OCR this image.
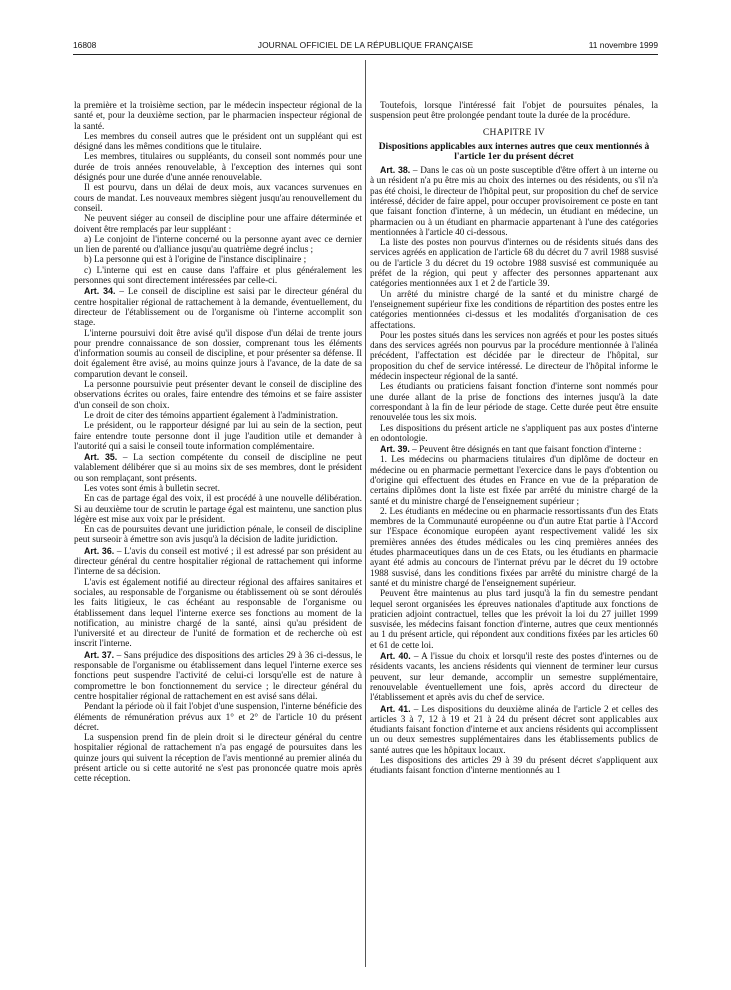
16808	JOURNAL OFFICIEL DE LA RÉPUBLIQUE FRANÇAISE	11 novembre 1999

la première et la troisième section, par le médecin inspecteur régional de la santé et, pour la deuxième section, par le pharmacien inspecteur régional de la santé.

Les membres du conseil autres que le président ont un suppléant qui est désigné dans les mêmes conditions que le titulaire.

Les membres, titulaires ou suppléants, du conseil sont nommés pour une durée de trois années renouvelable, à l'exception des internes qui sont désignés pour une durée d'une année renouvelable.

Il est pourvu, dans un délai de deux mois, aux vacances survenues en cours de mandat. Les nouveaux membres siègent jusqu'au renouvellement du conseil.

Ne peuvent siéger au conseil de discipline pour une affaire déterminée et doivent être remplacés par leur suppléant :

a) Le conjoint de l'interne concerné ou la personne ayant avec ce dernier un lien de parenté ou d'alliance jusqu'au quatrième degré inclus ;

b) La personne qui est à l'origine de l'instance disciplinaire ;

c) L'interne qui est en cause dans l'affaire et plus généralement les personnes qui sont directement intéressées par celle-ci.

Art. 34. – Le conseil de discipline est saisi par le directeur général du centre hospitalier régional de rattachement à la demande, éventuellement, du directeur de l'établissement ou de l'organisme où l'interne accomplit son stage.

L'interne poursuivi doit être avisé qu'il dispose d'un délai de trente jours pour prendre connaissance de son dossier, comprenant tous les éléments d'information soumis au conseil de discipline, et pour présenter sa défense. Il doit également être avisé, au moins quinze jours à l'avance, de la date de sa comparution devant le conseil.

La personne poursuivie peut présenter devant le conseil de discipline des observations écrites ou orales, faire entendre des témoins et se faire assister d'un conseil de son choix.

Le droit de citer des témoins appartient également à l'administration.

Le président, ou le rapporteur désigné par lui au sein de la section, peut faire entendre toute personne dont il juge l'audition utile et demander à l'autorité qui a saisi le conseil toute information complémentaire.

Art. 35. – La section compétente du conseil de discipline ne peut valablement délibérer que si au moins six de ses membres, dont le président ou son remplaçant, sont présents.

Les votes sont émis à bulletin secret.

En cas de partage égal des voix, il est procédé à une nouvelle délibération. Si au deuxième tour de scrutin le partage égal est maintenu, une sanction plus légère est mise aux voix par le président.

En cas de poursuites devant une juridiction pénale, le conseil de discipline peut surseoir à émettre son avis jusqu'à la décision de ladite juridiction.

Art. 36. – L'avis du conseil est motivé ; il est adressé par son président au directeur général du centre hospitalier régional de rattachement qui informe l'interne de sa décision.

L'avis est également notifié au directeur régional des affaires sanitaires et sociales, au responsable de l'organisme ou établissement où se sont déroulés les faits litigieux, le cas échéant au responsable de l'organisme ou établissement dans lequel l'interne exerce ses fonctions au moment de la notification, au ministre chargé de la santé, ainsi qu'au président de l'université et au directeur de l'unité de formation et de recherche où est inscrit l'interne.

Art. 37. – Sans préjudice des dispositions des articles 29 à 36 ci-dessus, le responsable de l'organisme ou établissement dans lequel l'interne exerce ses fonctions peut suspendre l'activité de celui-ci lorsqu'elle est de nature à compromettre le bon fonctionnement du service ; le directeur général du centre hospitalier régional de rattachement en est avisé sans délai.

Pendant la période où il fait l'objet d'une suspension, l'interne bénéficie des éléments de rémunération prévus aux 1° et 2° de l'article 10 du présent décret.

La suspension prend fin de plein droit si le directeur général du centre hospitalier régional de rattachement n'a pas engagé de poursuites dans les quinze jours qui suivent la réception de l'avis mentionné au premier alinéa du présent article ou si cette autorité ne s'est pas prononcée quatre mois après cette réception.

Toutefois, lorsque l'intéressé fait l'objet de poursuites pénales, la suspension peut être prolongée pendant toute la durée de la procédure.

CHAPITRE IV
Dispositions applicables aux internes autres que ceux mentionnés à l'article 1er du présent décret

Art. 38. – Dans le cas où un poste susceptible d'être offert à un interne ou à un résident n'a pu être mis au choix des internes ou des résidents, ou s'il n'a pas été choisi, le directeur de l'hôpital peut, sur proposition du chef de service intéressé, décider de faire appel, pour occuper provisoirement ce poste en tant que faisant fonction d'interne, à un médecin, un étudiant en médecine, un pharmacien ou à un étudiant en pharmacie appartenant à l'une des catégories mentionnées à l'article 40 ci-dessous.

La liste des postes non pourvus d'internes ou de résidents situés dans des services agréés en application de l'article 68 du décret du 7 avril 1988 susvisé ou de l'article 3 du décret du 19 octobre 1988 susvisé est communiquée au préfet de la région, qui peut y affecter des personnes appartenant aux catégories mentionnées aux 1 et 2 de l'article 39.

Un arrêté du ministre chargé de la santé et du ministre chargé de l'enseignement supérieur fixe les conditions de répartition des postes entre les catégories mentionnées ci-dessus et les modalités d'organisation de ces affectations.

Pour les postes situés dans les services non agréés et pour les postes situés dans des services agréés non pourvus par la procédure mentionnée à l'alinéa précédent, l'affectation est décidée par le directeur de l'hôpital, sur proposition du chef de service intéressé. Le directeur de l'hôpital informe le médecin inspecteur régional de la santé.

Les étudiants ou praticiens faisant fonction d'interne sont nommés pour une durée allant de la prise de fonctions des internes jusqu'à la date correspondant à la fin de leur période de stage. Cette durée peut être ensuite renouvelée tous les six mois.

Les dispositions du présent article ne s'appliquent pas aux postes d'interne en odontologie.

Art. 39. – Peuvent être désignés en tant que faisant fonction d'interne :

1. Les médecins ou pharmaciens titulaires d'un diplôme de docteur en médecine ou en pharmacie permettant l'exercice dans le pays d'obtention ou d'origine qui effectuent des études en France en vue de la préparation de certains diplômes dont la liste est fixée par arrêté du ministre chargé de la santé et du ministre chargé de l'enseignement supérieur ;

2. Les étudiants en médecine ou en pharmacie ressortissants d'un des Etats membres de la Communauté européenne ou d'un autre Etat partie à l'Accord sur l'Espace économique européen ayant respectivement validé les six premières années des études médicales ou les cinq premières années des études pharmaceutiques dans un de ces Etats, ou les étudiants en pharmacie ayant été admis au concours de l'internat prévu par le décret du 19 octobre 1988 susvisé, dans les conditions fixées par arrêté du ministre chargé de la santé et du ministre chargé de l'enseignement supérieur.

Peuvent être maintenus au plus tard jusqu'à la fin du semestre pendant lequel seront organisées les épreuves nationales d'aptitude aux fonctions de praticien adjoint contractuel, telles que les prévoit la loi du 27 juillet 1999 susvisée, les médecins faisant fonction d'interne, autres que ceux mentionnés au 1 du présent article, qui répondent aux conditions fixées par les articles 60 et 61 de cette loi.

Art. 40. – A l'issue du choix et lorsqu'il reste des postes d'internes ou de résidents vacants, les anciens résidents qui viennent de terminer leur cursus peuvent, sur leur demande, accomplir un semestre supplémentaire, renouvelable éventuellement une fois, après accord du directeur de l'établissement et après avis du chef de service.

Art. 41. – Les dispositions du deuxième alinéa de l'article 2 et celles des articles 3 à 7, 12 à 19 et 21 à 24 du présent décret sont applicables aux étudiants faisant fonction d'interne et aux anciens résidents qui accomplissent un ou deux semestres supplémentaires dans les établissements publics de santé autres que les hôpitaux locaux.

Les dispositions des articles 29 à 39 du présent décret s'appliquent aux étudiants faisant fonction d'interne mentionnés au 1
